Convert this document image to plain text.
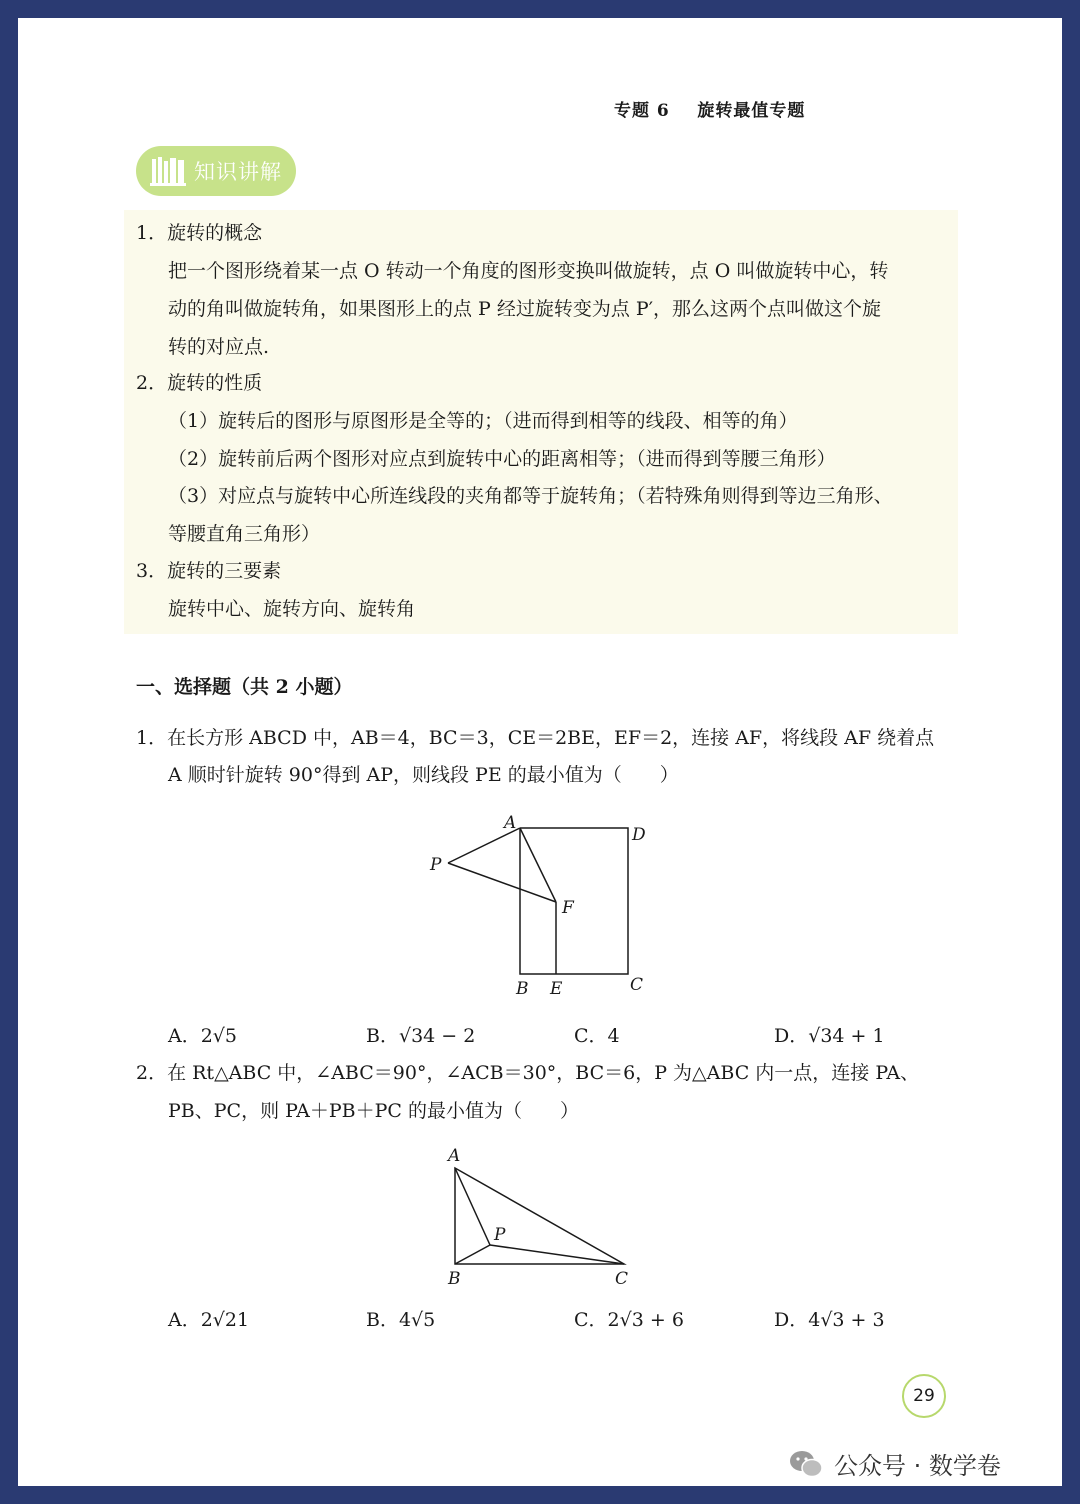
专题 6    旋转最值专题
知识讲解
1．旋转的概念
把一个图形绕着某一点 O 转动一个角度的图形变换叫做旋转，点 O 叫做旋转中心，转
动的角叫做旋转角，如果图形上的点 P 经过旋转变为点 P′，那么这两个点叫做这个旋
转的对应点.
2．旋转的性质
（1）旋转后的图形与原图形是全等的；（进而得到相等的线段、相等的角）
（2）旋转前后两个图形对应点到旋转中心的距离相等；（进而得到等腰三角形）
（3）对应点与旋转中心所连线段的夹角都等于旋转角；（若特殊角则得到等边三角形、
等腰直角三角形）
3．旋转的三要素
旋转中心、旋转方向、旋转角
一、选择题（共 2 小题）
1．在长方形 ABCD 中，AB＝4，BC＝3，CE＝2BE，EF＝2，连接 AF，将线段 AF 绕着点
A 顺时针旋转 90°得到 AP，则线段 PE 的最小值为（　　）
A
D
P
F
B E	C
A．2√5	B．√34 − 2	C．4	D．√34 + 1
2．在 Rt△ABC 中，∠ABC＝90°，∠ACB＝30°，BC＝6，P 为△ABC 内一点，连接 PA、
PB、PC，则 PA＋PB＋PC 的最小值为（　　）
A
P
B	C
A．2√21	B．4√5	C．2√3 + 6	D．4√3 + 3
29
公众号 · 数学卷
